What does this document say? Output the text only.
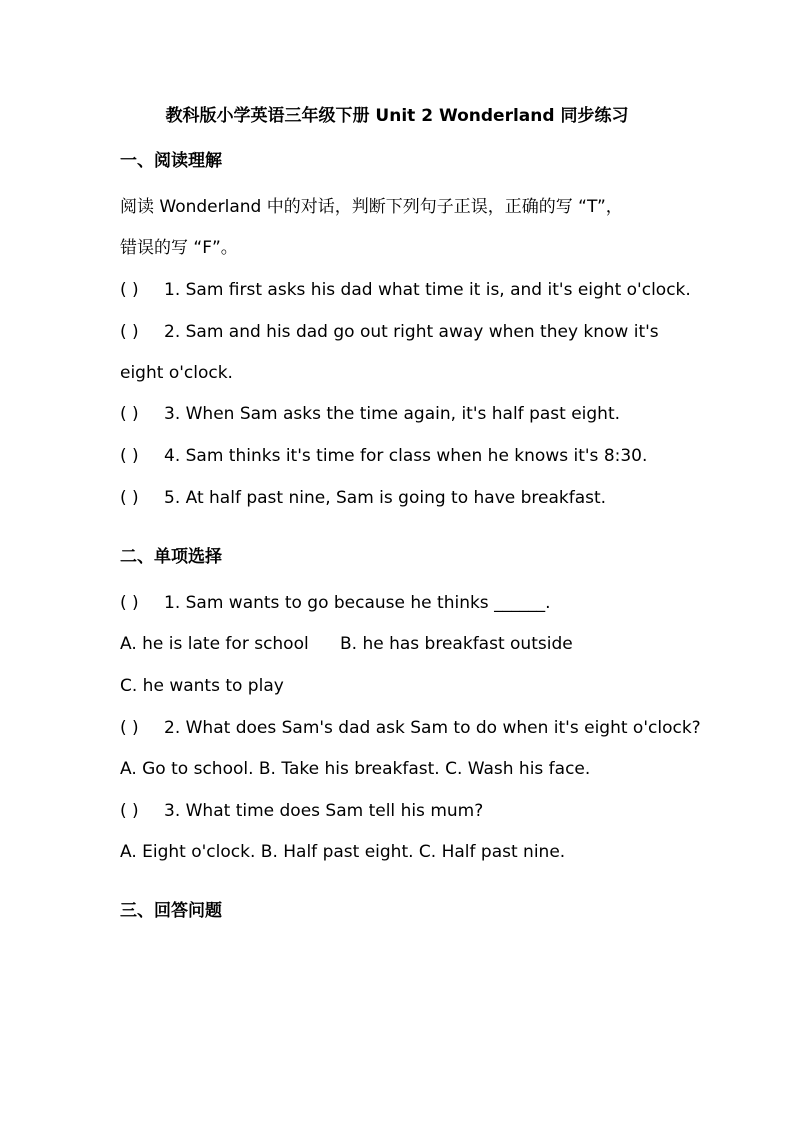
教科版小学英语三年级下册 Unit 2 Wonderland 同步练习
一、阅读理解
阅读 Wonderland 中的对话，判断下列句子正误，正确的写 “T”，
错误的写 “F”。
( ) 1. Sam first asks his dad what time it is, and it's eight o'clock.
( ) 2. Sam and his dad go out right away when they know it's
eight o'clock.
( ) 3. When Sam asks the time again, it's half past eight.
( ) 4. Sam thinks it's time for class when he knows it's 8:30.
( ) 5. At half past nine, Sam is going to have breakfast.
二、单项选择
( ) 1. Sam wants to go because he thinks ______.
A. he is late for school B. he has breakfast outside
C. he wants to play
( ) 2. What does Sam's dad ask Sam to do when it's eight o'clock?
A. Go to school. B. Take his breakfast. C. Wash his face.
( ) 3. What time does Sam tell his mum?
A. Eight o'clock. B. Half past eight. C. Half past nine.
三、回答问题
